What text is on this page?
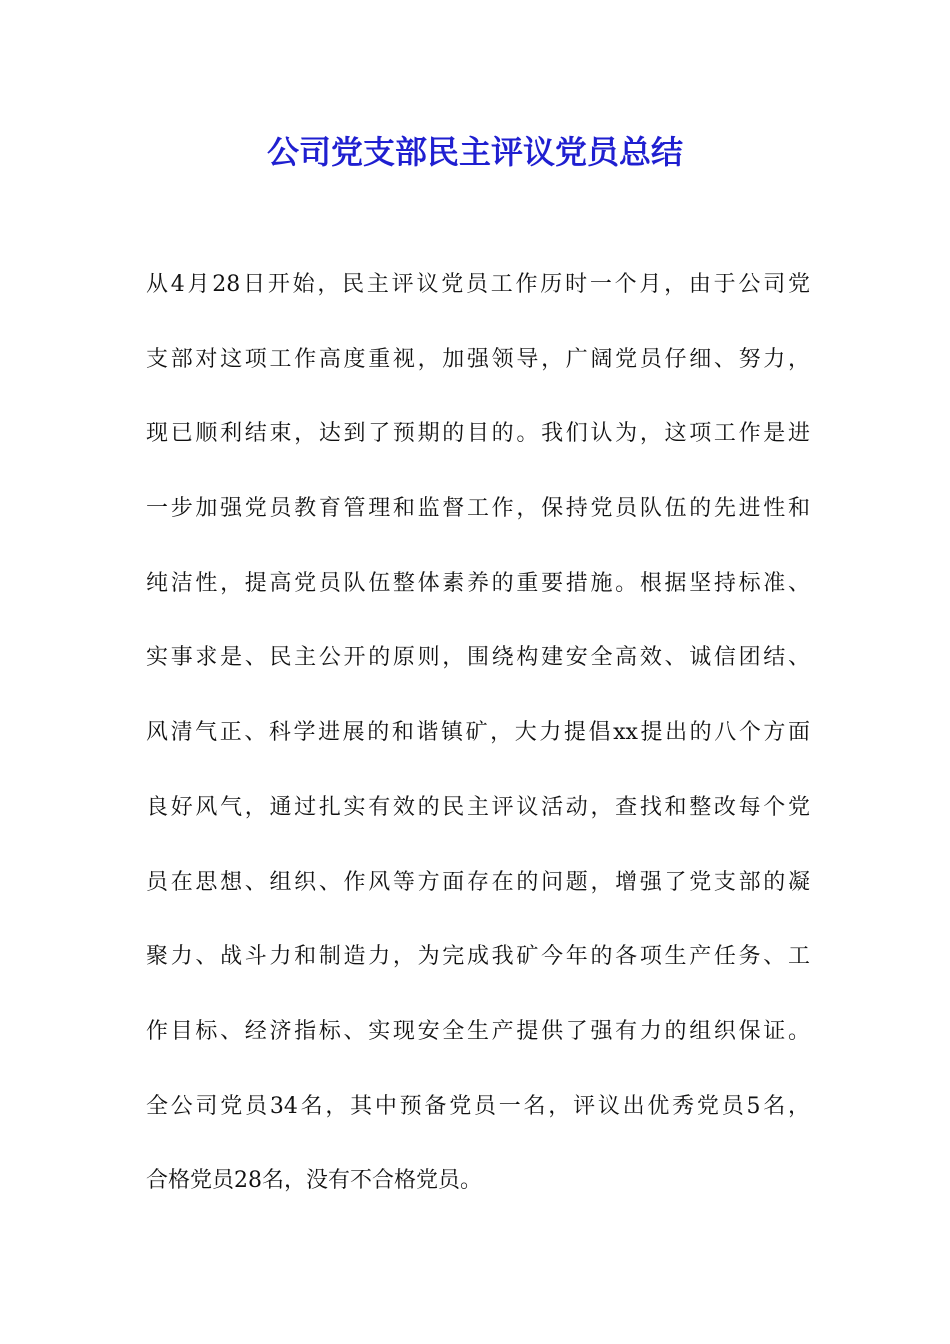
公司党支部民主评议党员总结
从4月28日开始，民主评议党员工作历时一个月，由于公司党
支部对这项工作高度重视，加强领导，广阔党员仔细、努力，
现已顺利结束，达到了预期的目的。我们认为，这项工作是进
一步加强党员教育管理和监督工作，保持党员队伍的先进性和
纯洁性，提高党员队伍整体素养的重要措施。根据坚持标准、
实事求是、民主公开的原则，围绕构建安全高效、诚信团结、
风清气正、科学进展的和谐镇矿，大力提倡xx提出的八个方面
良好风气，通过扎实有效的民主评议活动，查找和整改每个党
员在思想、组织、作风等方面存在的问题，增强了党支部的凝
聚力、战斗力和制造力，为完成我矿今年的各项生产任务、工
作目标、经济指标、实现安全生产提供了强有力的组织保证。
全公司党员34名，其中预备党员一名，评议出优秀党员5名，
合格党员28名，没有不合格党员。
